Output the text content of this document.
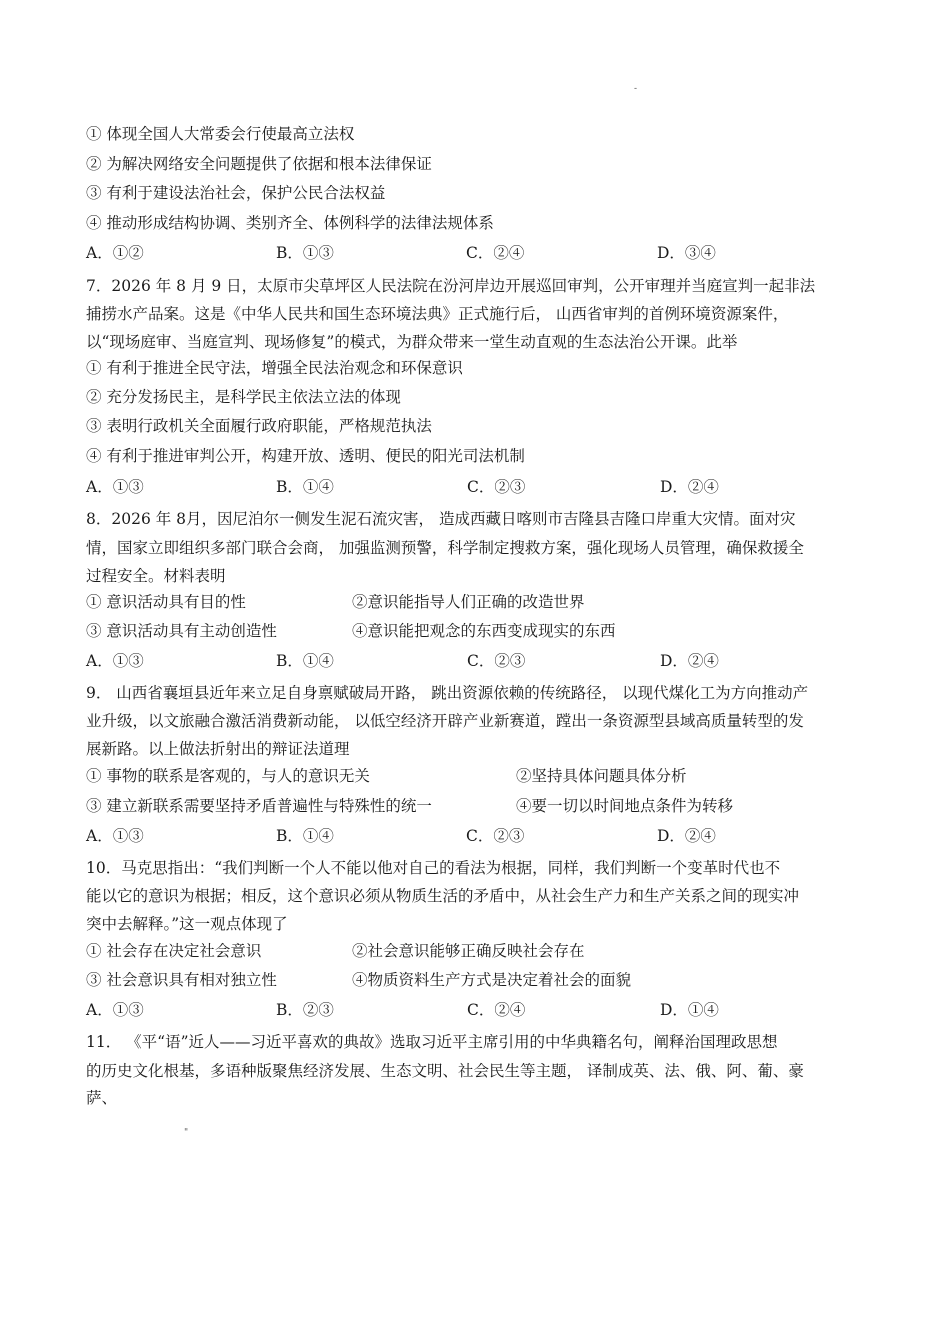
-
① 体现全国人大常委会行使最高立法权
② 为解决网络安全问题提供了依据和根本法律保证
③ 有利于建设法治社会，保护公民合法权益
④ 推动形成结构协调、类别齐全、体例科学的法律法规体系
A．①②	B．①③	C．②④	D．③④
7．2026 年 8 月 9 日，太原市尖草坪区人民法院在汾河岸边开展巡回审判，公开审理并当庭宣判一起非法
捕捞水产品案。这是《中华人民共和国生态环境法典》正式施行后， 山西省审判的首例环境资源案件，
以“现场庭审、当庭宣判、现场修复”的模式，为群众带来一堂生动直观的生态法治公开课。此举
① 有利于推进全民守法，增强全民法治观念和环保意识
② 充分发扬民主，是科学民主依法立法的体现
③ 表明行政机关全面履行政府职能，严格规范执法
④ 有利于推进审判公开，构建开放、透明、便民的阳光司法机制
A．①③	B．①④	C．②③	D．②④
8．2026 年 8月，因尼泊尔一侧发生泥石流灾害， 造成西藏日喀则市吉隆县吉隆口岸重大灾情。面对灾
情，国家立即组织多部门联合会商， 加强监测预警，科学制定搜救方案，强化现场人员管理，确保救援全
过程安全。材料表明
① 意识活动具有目的性	②意识能指导人们正确的改造世界
③ 意识活动具有主动创造性	④意识能把观念的东西变成现实的东西
A．①③	B．①④	C．②③	D．②④
9． 山西省襄垣县近年来立足自身禀赋破局开路， 跳出资源依赖的传统路径， 以现代煤化工为方向推动产
业升级，以文旅融合激活消费新动能， 以低空经济开辟产业新赛道，蹚出一条资源型县域高质量转型的发
展新路。以上做法折射出的辩证法道理
① 事物的联系是客观的，与人的意识无关	②坚持具体问题具体分析
③ 建立新联系需要坚持矛盾普遍性与特殊性的统一	④要一切以时间地点条件为转移
A．①③	B．①④	C．②③	D．②④
10．马克思指出：“我们判断一个人不能以他对自己的看法为根据，同样，我们判断一个变革时代也不
能以它的意识为根据；相反，这个意识必须从物质生活的矛盾中，从社会生产力和生产关系之间的现实冲
突中去解释。”这一观点体现了
① 社会存在决定社会意识	②社会意识能够正确反映社会存在
③ 社会意识具有相对独立性	④物质资料生产方式是决定着社会的面貌
A．①③	B．②③	C．②④	D．①④
11． 《平“语”近人——习近平喜欢的典故》选取习近平主席引用的中华典籍名句，阐释治国理政思想
的历史文化根基，多语种版聚焦经济发展、生态文明、社会民生等主题， 译制成英、法、俄、阿、葡、豪
萨、
"
